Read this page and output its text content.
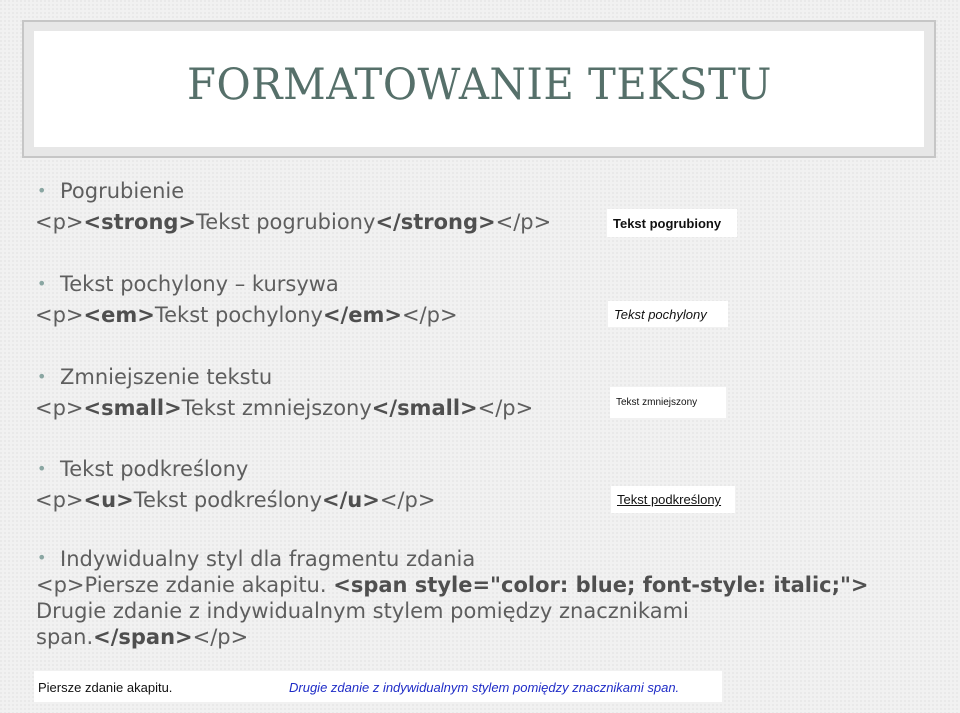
FORMATOWANIE TEKSTU
• Pogrubienie
<p><strong>Tekst pogrubiony</strong></p>	Tekst pogrubiony
• Tekst pochylony – kursywa
<p><em>Tekst pochylony</em></p>	Tekst pochylony
• Zmniejszenie tekstu
<p><small>Tekst zmniejszony</small></p>	Tekst zmniejszony
• Tekst podkreślony
<p><u>Tekst podkreślony</u></p>	Tekst podkreślony
• Indywidualny styl dla fragmentu zdania
<p>Piersze zdanie akapitu. <span style="color: blue; font-style: italic;">
Drugie zdanie z indywidualnym stylem pomiędzy znacznikami
span.</span></p>
Piersze zdanie akapitu.	Drugie zdanie z indywidualnym stylem pomiędzy znacznikami span.
